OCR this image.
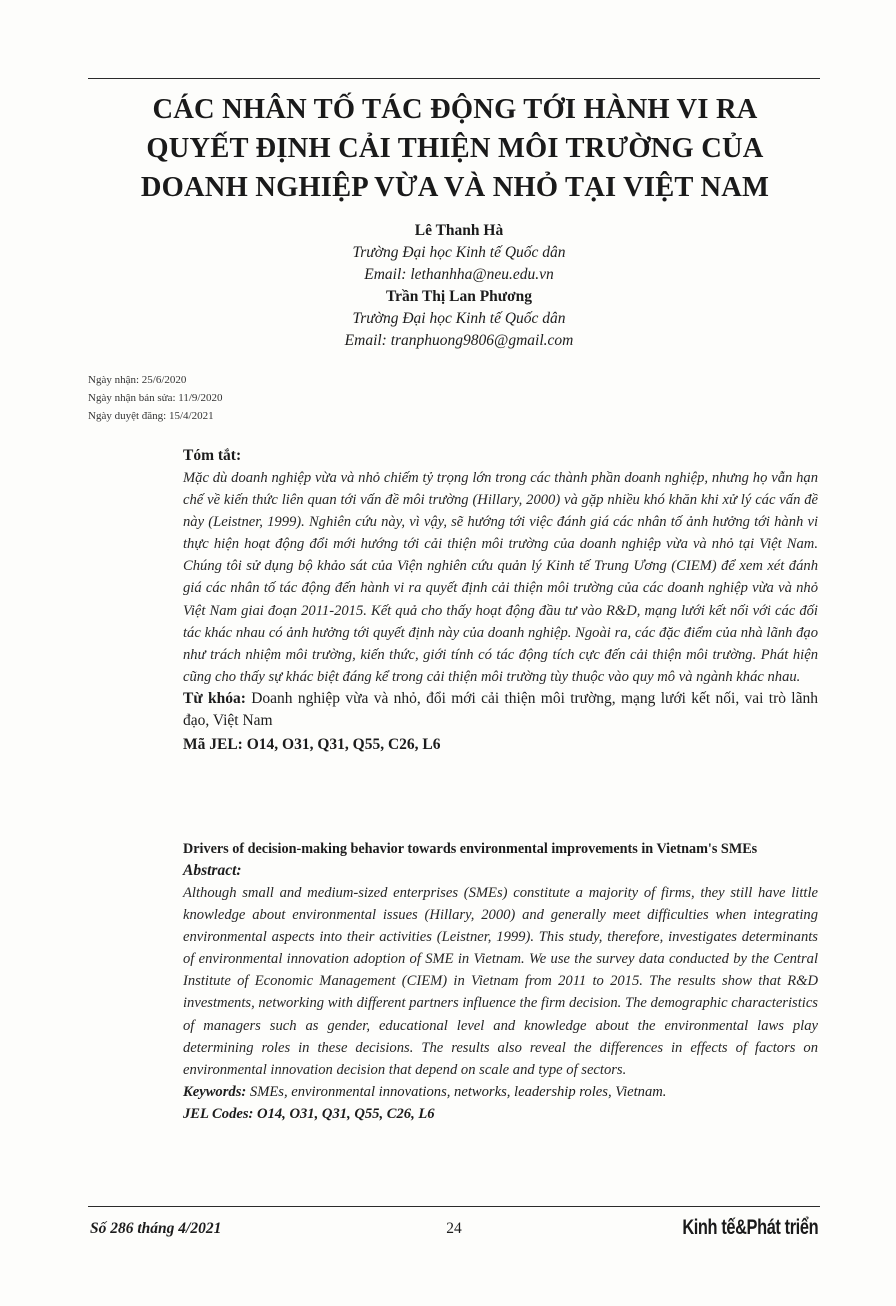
CÁC NHÂN TỐ TÁC ĐỘNG TỚI HÀNH VI RA
QUYẾT ĐỊNH CẢI THIỆN MÔI TRƯỜNG CỦA
DOANH NGHIỆP VỪA VÀ NHỎ TẠI VIỆT NAM
Lê Thanh Hà
Trường Đại học Kinh tế Quốc dân
Email: lethanhha@neu.edu.vn
Trần Thị Lan Phương
Trường Đại học Kinh tế Quốc dân
Email: tranphuong9806@gmail.com
Ngày nhận: 25/6/2020
Ngày nhận bản sửa: 11/9/2020
Ngày duyệt đăng: 15/4/2021
Tóm tắt:
Mặc dù doanh nghiệp vừa và nhỏ chiếm tỷ trọng lớn trong các thành phần doanh nghiệp, nhưng họ vẫn hạn chế về kiến thức liên quan tới vấn đề môi trường (Hillary, 2000) và gặp nhiều khó khăn khi xử lý các vấn đề này (Leistner, 1999). Nghiên cứu này, vì vậy, sẽ hướng tới việc đánh giá các nhân tố ảnh hưởng tới hành vi thực hiện hoạt động đổi mới hướng tới cải thiện môi trường của doanh nghiệp vừa và nhỏ tại Việt Nam. Chúng tôi sử dụng bộ khảo sát của Viện nghiên cứu quản lý Kinh tế Trung Ương (CIEM) để xem xét đánh giá các nhân tố tác động đến hành vi ra quyết định cải thiện môi trường của các doanh nghiệp vừa và nhỏ Việt Nam giai đoạn 2011-2015. Kết quả cho thấy hoạt động đầu tư vào R&D, mạng lưới kết nối với các đối tác khác nhau có ảnh hưởng tới quyết định này của doanh nghiệp. Ngoài ra, các đặc điểm của nhà lãnh đạo như trách nhiệm môi trường, kiến thức, giới tính có tác động tích cực đến cải thiện môi trường. Phát hiện cũng cho thấy sự khác biệt đáng kể trong cải thiện môi trường tùy thuộc vào quy mô và ngành khác nhau.
Từ khóa: Doanh nghiệp vừa và nhỏ, đổi mới cải thiện môi trường, mạng lưới kết nối, vai trò lãnh đạo, Việt Nam
Mã JEL: O14, O31, Q31, Q55, C26, L6
Drivers of decision-making behavior towards environmental improvements in Vietnam's SMEs
Abstract:
Although small and medium-sized enterprises (SMEs) constitute a majority of firms, they still have little knowledge about environmental issues (Hillary, 2000) and generally meet difficulties when integrating environmental aspects into their activities (Leistner, 1999). This study, therefore, investigates determinants of environmental innovation adoption of SME in Vietnam. We use the survey data conducted by the Central Institute of Economic Management (CIEM) in Vietnam from 2011 to 2015. The results show that R&D investments, networking with different partners influence the firm decision. The demographic characteristics of managers such as gender, educational level and knowledge about the environmental laws play determining roles in these decisions. The results also reveal the differences in effects of factors on environmental innovation decision that depend on scale and type of sectors.
Keywords: SMEs, environmental innovations, networks, leadership roles, Vietnam.
JEL Codes: O14, O31, Q31, Q55, C26, L6
Số 286 tháng 4/2021	24	Kinh tế&Phát triển
